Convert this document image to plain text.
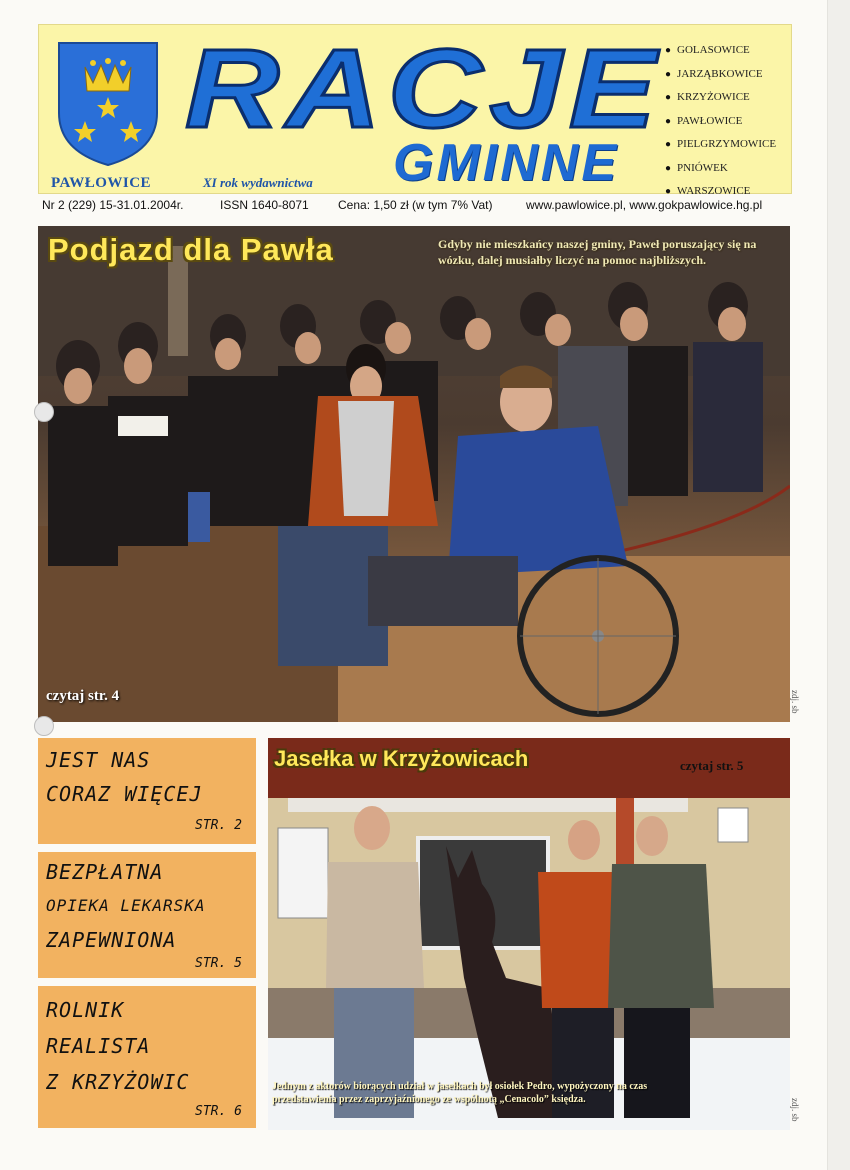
PAWŁOWICE	XI rok wydawnictwa
RACJE
GMINNE
● GOLASOWICE
● JARZĄBKOWICE
● KRZYŻOWICE
● PAWŁOWICE
● PIELGRZYMOWICE
● PNIÓWEK
● WARSZOWICE
Nr 2 (229) 15-31.01.2004r.	ISSN 1640-8071 Cena: 1,50 zł (w tym 7% Vat)	www.pawlowice.pl, www.gokpawlowice.hg.pl
Podjazd dla Pawła	Gdyby nie mieszkańcy naszej gminy, Paweł poruszający się na wózku, dalej musiałby liczyć na pomoc najbliższych.
czytaj str. 4	zdj. sb
JEST NAS
CORAZ WIĘCEJ
STR. 2
BEZPŁATNA
OPIEKA LEKARSKA
ZAPEWNIONA
STR. 5
ROLNIK
REALISTA
Z KRZYŻOWIC
STR. 6
Jasełka w Krzyżowicach	czytaj str. 5
Jednym z aktorów biorących udział w jasełkach był osiołek Pedro, wypożyczony na czas przedstawienia przez zaprzyjaźnionego ze wspólnotą „Cenacolo” księdza.	zdj. sb
